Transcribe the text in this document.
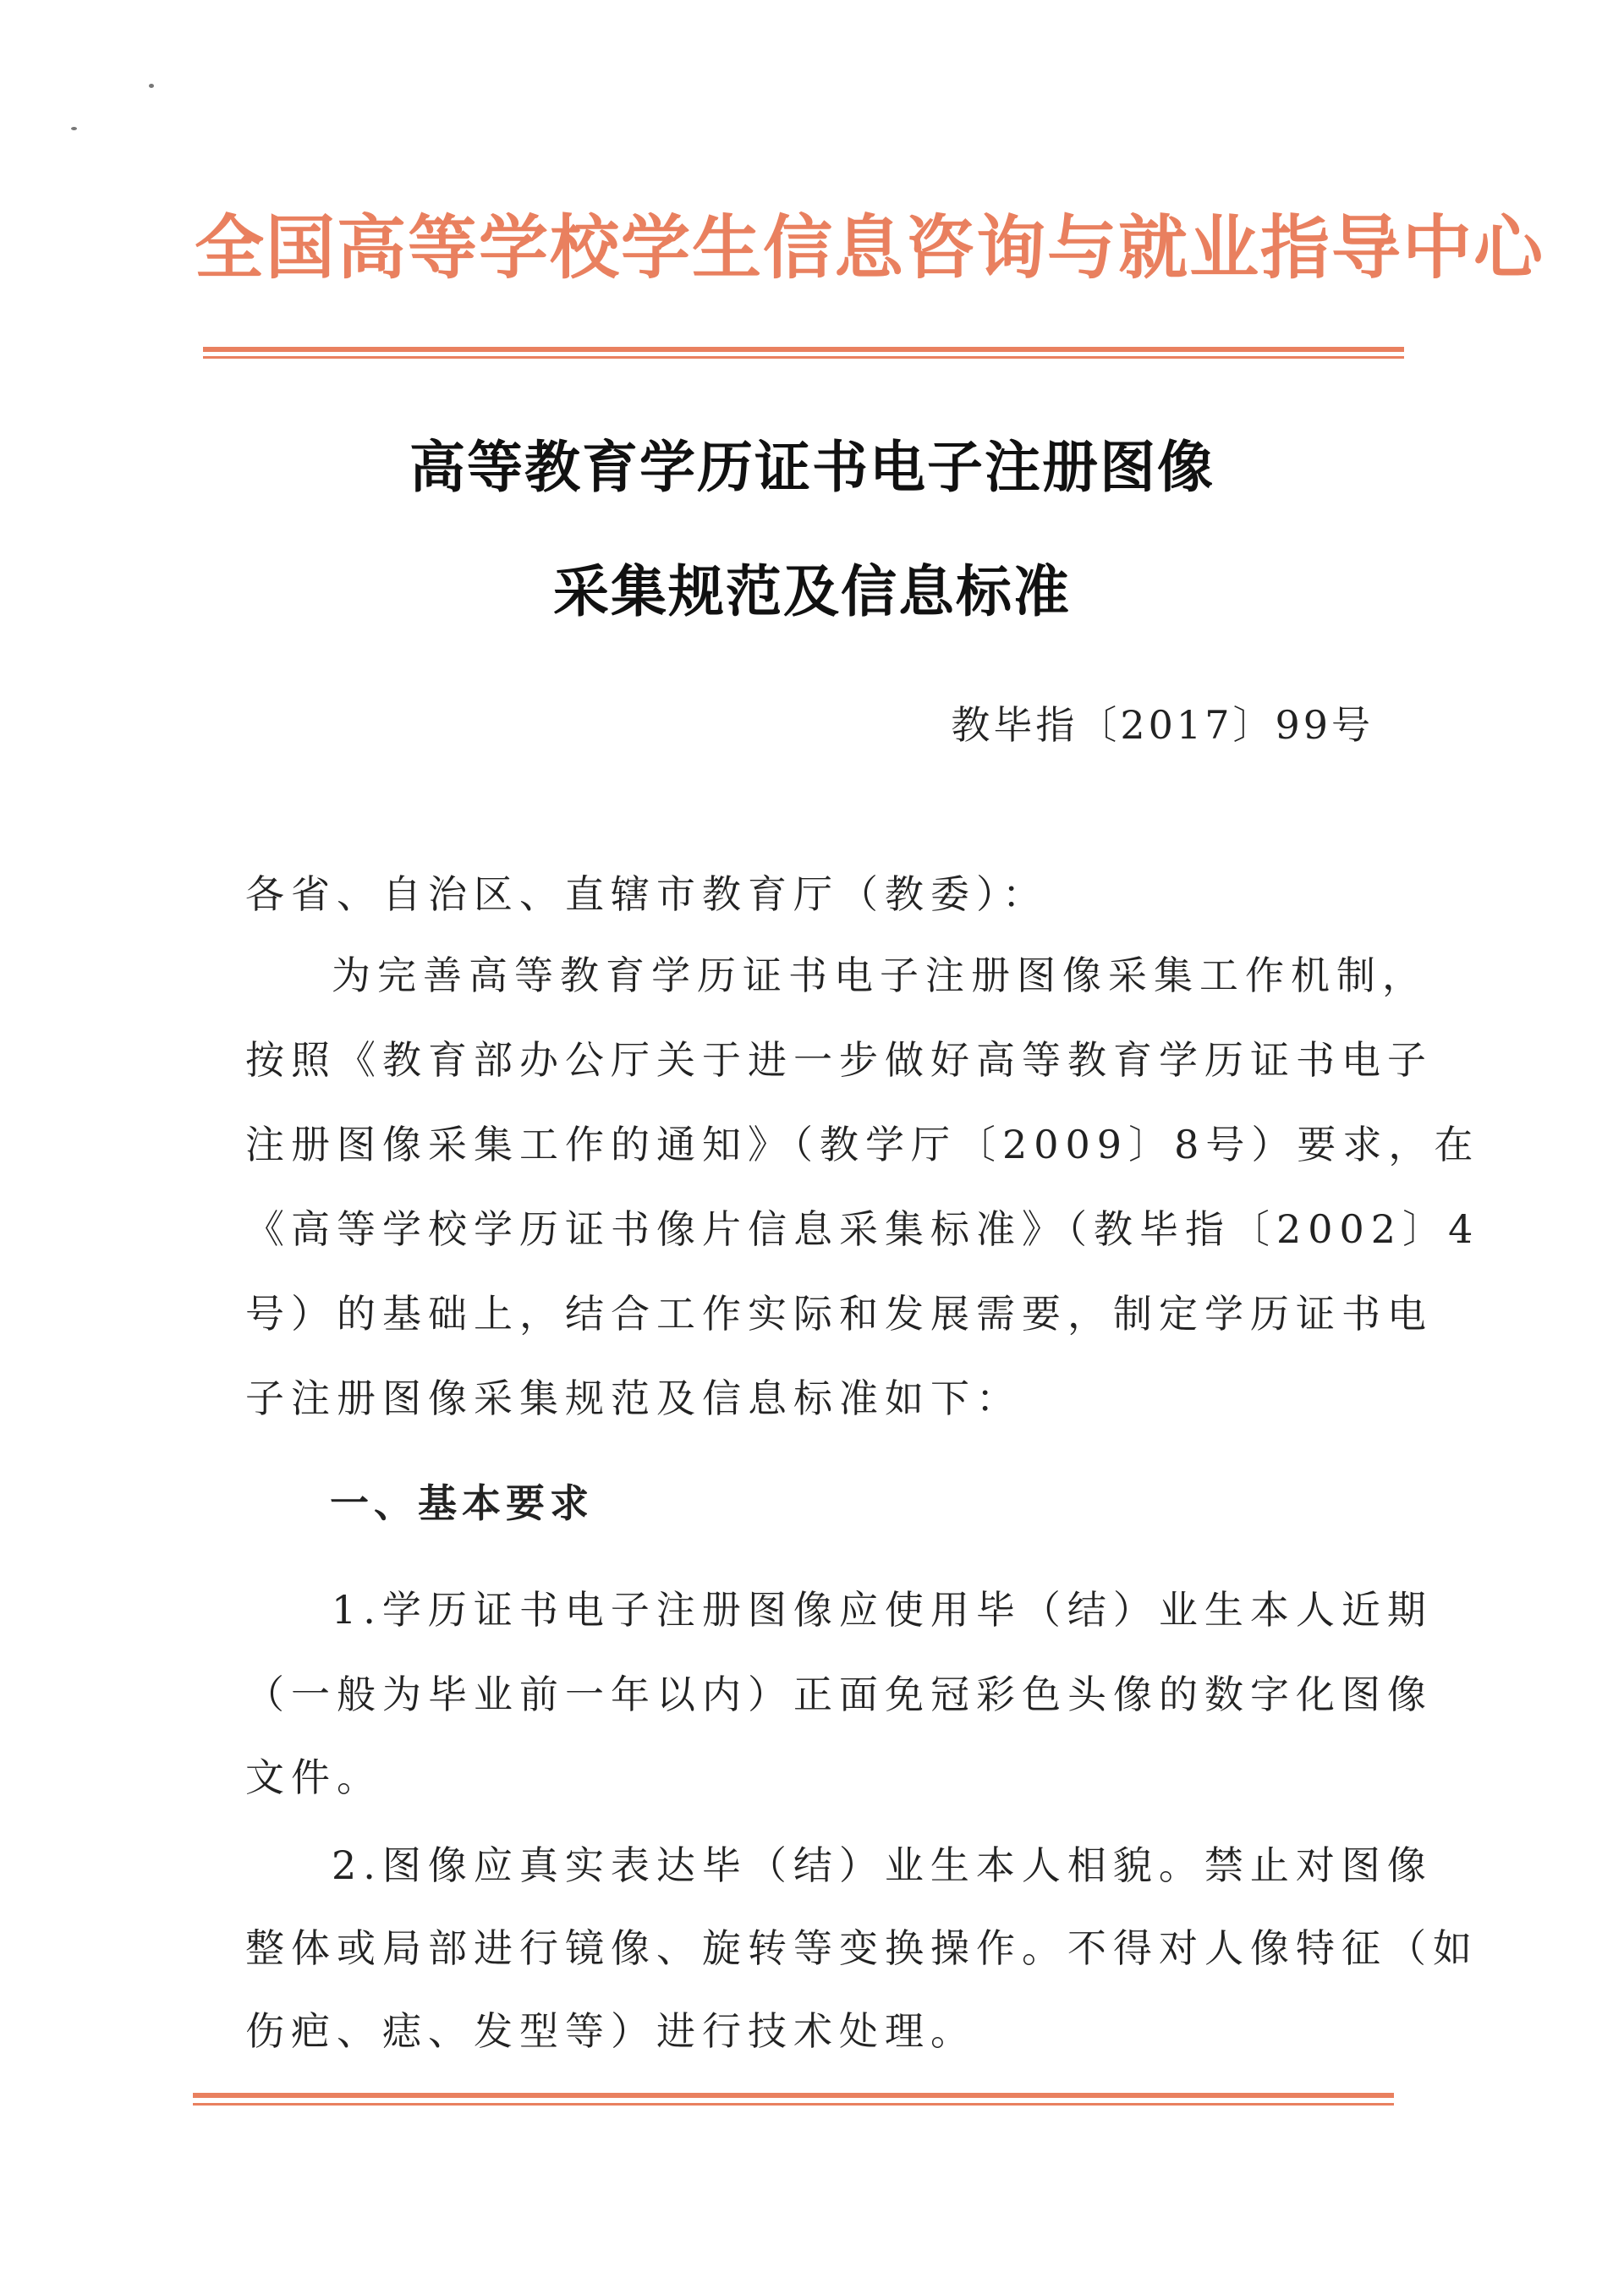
全国高等学校学生信息咨询与就业指导中心
高等教育学历证书电子注册图像
采集规范及信息标准
教毕指〔2017〕99号
各省、自治区、直辖市教育厅（教委）：
为完善高等教育学历证书电子注册图像采集工作机制，
按照《教育部办公厅关于进一步做好高等教育学历证书电子
注册图像采集工作的通知》（教学厅〔2009〕8号）要求，在
《高等学校学历证书像片信息采集标准》（教毕指〔2002〕4
号）的基础上，结合工作实际和发展需要，制定学历证书电
子注册图像采集规范及信息标准如下：
一、基本要求
1.学历证书电子注册图像应使用毕（结）业生本人近期
（一般为毕业前一年以内）正面免冠彩色头像的数字化图像
文件。
2.图像应真实表达毕（结）业生本人相貌。禁止对图像
整体或局部进行镜像、旋转等变换操作。不得对人像特征（如
伤疤、痣、发型等）进行技术处理。
